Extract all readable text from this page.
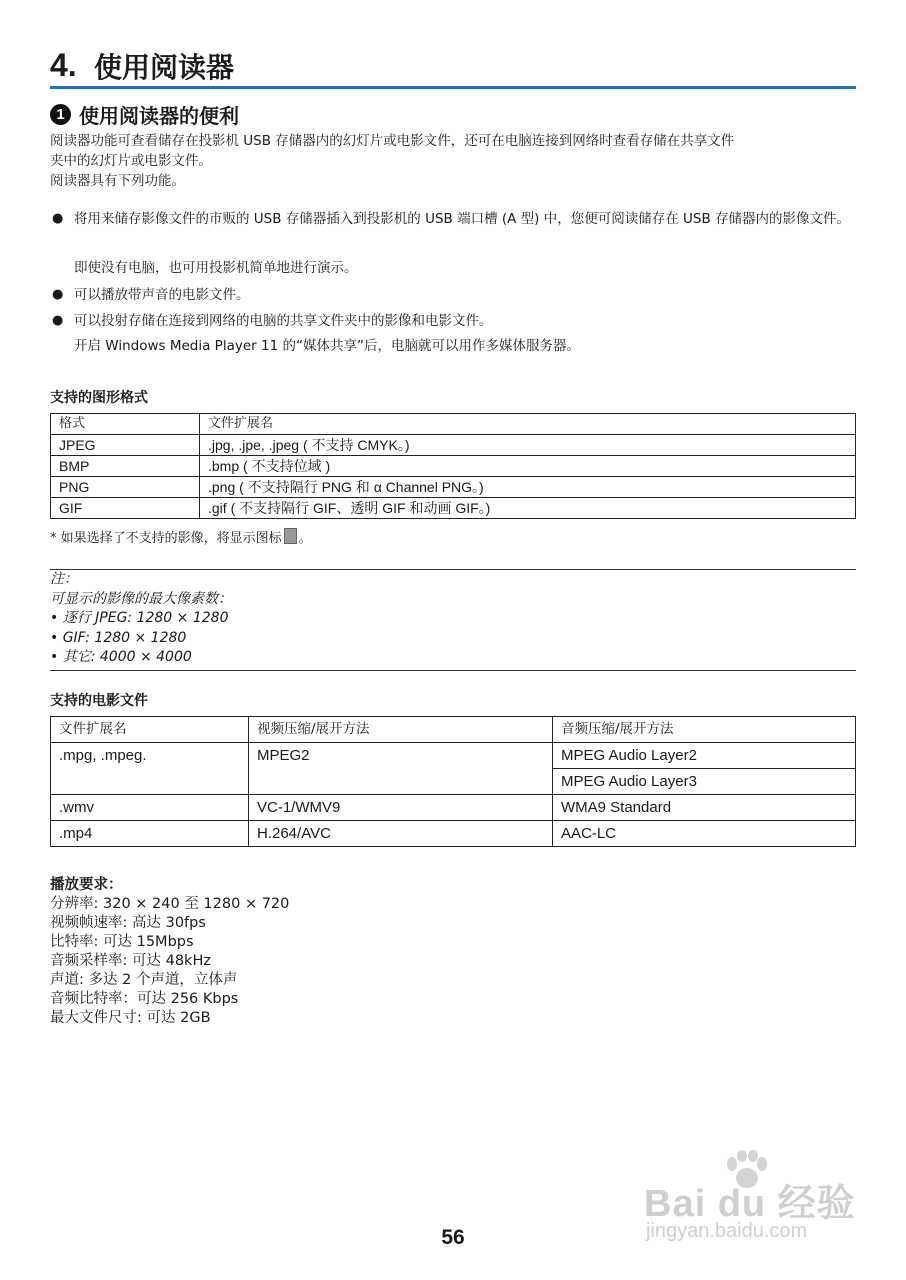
4. 使用阅读器
1 使用阅读器的便利
阅读器功能可查看储存在投影机 USB 存储器内的幻灯片或电影文件，还可在电脑连接到网络时查看存储在共享文件
夹中的幻灯片或电影文件。
阅读器具有下列功能。
● 将用来储存影像文件的市贩的 USB 存储器插入到投影机的 USB 端口槽 (A 型) 中，您便可阅读储存在 USB 存储器内的影像文件。
即使没有电脑，也可用投影机简单地进行演示。
● 可以播放带声音的电影文件。
● 可以投射存储在连接到网络的电脑的共享文件夹中的影像和电影文件。
开启 Windows Media Player 11 的“媒体共享”后，电脑就可以用作多媒体服务器。
支持的图形格式
格式	文件扩展名
JPEG	.jpg, .jpe, .jpeg ( 不支持 CMYK。)
BMP	.bmp ( 不支持位域 )
PNG	.png ( 不支持隔行 PNG 和 α Channel PNG。)
GIF	.gif ( 不支持隔行 GIF、透明 GIF 和动画 GIF。)
* 如果选择了不支持的影像，将显示图标 。
注：
可显示的影像的最大像素数：
• 逐行 JPEG: 1280 × 1280
• GIF: 1280 × 1280
• 其它: 4000 × 4000
支持的电影文件
文件扩展名	视频压缩/展开方法	音频压缩/展开方法
.mpg, .mpeg.	MPEG2	MPEG Audio Layer2
		MPEG Audio Layer3
.wmv	VC-1/WMV9	WMA9 Standard
.mp4	H.264/AVC	AAC-LC
播放要求：
分辨率: 320 × 240 至 1280 × 720
视频帧速率: 高达 30fps
比特率: 可达 15Mbps
音频采样率: 可达 48kHz
声道: 多达 2 个声道，立体声
音频比特率：可达 256 Kbps
最大文件尺寸: 可达 2GB
Bai du 经验
jingyan.baidu.com
56
